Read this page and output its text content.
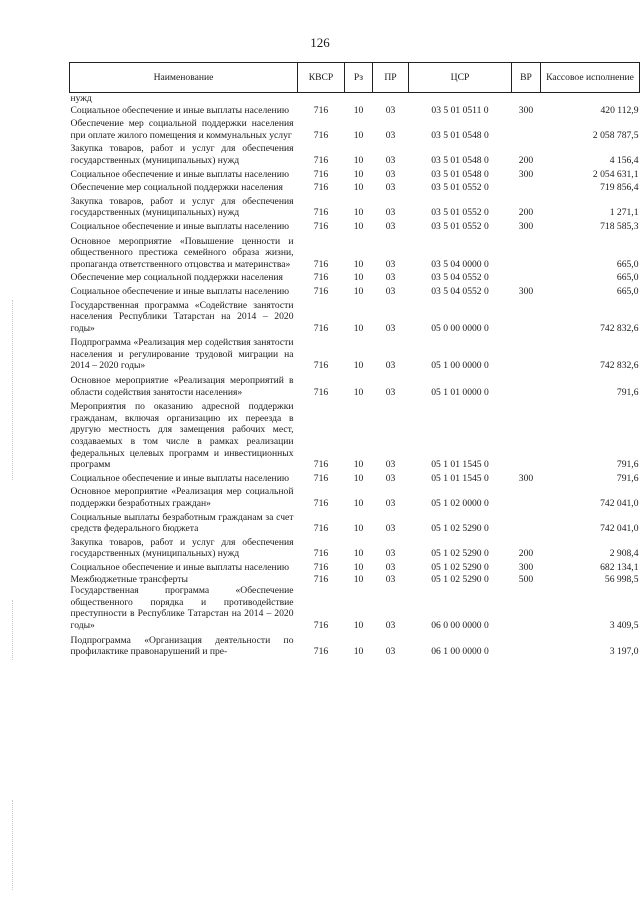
126
Наименование	КВСР	Рз	ПР	ЦСР	ВР	Кассовое исполнение
нужд						
Социальное обеспечение и иные выплаты населению	716	10	03	03 5 01 0511 0	300	420 112,9
Обеспечение мер социальной поддержки населения при оплате жилого помещения и коммунальных услуг	716	10	03	03 5 01 0548 0		2 058 787,5
Закупка товаров, работ и услуг для обеспечения государственных (муниципальных) нужд	716	10	03	03 5 01 0548 0	200	4 156,4
Социальное обеспечение и иные выплаты населению	716	10	03	03 5 01 0548 0	300	2 054 631,1
Обеспечение мер социальной поддержки населения	716	10	03	03 5 01 0552 0		719 856,4
Закупка товаров, работ и услуг для обеспечения государственных (муниципальных) нужд	716	10	03	03 5 01 0552 0	200	1 271,1
Социальное обеспечение и иные выплаты населению	716	10	03	03 5 01 0552 0	300	718 585,3
Основное мероприятие «Повышение ценности и общественного престижа семейного образа жизни, пропаганда ответственного отцовства и материнства»	716	10	03	03 5 04 0000 0		665,0
Обеспечение мер социальной поддержки населения	716	10	03	03 5 04 0552 0		665,0
Социальное обеспечение и иные выплаты населению	716	10	03	03 5 04 0552 0	300	665,0
Государственная программа «Содействие занятости населения Республики Татарстан на 2014 – 2020 годы»	716	10	03	05 0 00 0000 0		742 832,6
Подпрограмма «Реализация мер содействия занятости населения и регулирование трудовой миграции на 2014 – 2020 годы»	716	10	03	05 1 00 0000 0		742 832,6
Основное мероприятие «Реализация мероприятий в области содействия занятости населения»	716	10	03	05 1 01 0000 0		791,6
Мероприятия по оказанию адресной поддержки гражданам, включая организацию их переезда в другую местность для замещения рабочих мест, создаваемых в том числе в рамках реализации федеральных целевых программ и инвестиционных программ	716	10	03	05 1 01 1545 0		791,6
Социальное обеспечение и иные выплаты населению	716	10	03	05 1 01 1545 0	300	791,6
Основное мероприятие «Реализация мер социальной поддержки безработных граждан»	716	10	03	05 1 02 0000 0		742 041,0
Социальные выплаты безработным гражданам за счет средств федерального бюджета	716	10	03	05 1 02 5290 0		742 041,0
Закупка товаров, работ и услуг для обеспечения государственных (муниципальных) нужд	716	10	03	05 1 02 5290 0	200	2 908,4
Социальное обеспечение и иные выплаты населению	716	10	03	05 1 02 5290 0	300	682 134,1
Межбюджетные трансферты	716	10	03	05 1 02 5290 0	500	56 998,5
Государственная программа «Обеспечение общественного порядка и противодействие преступности в Республике Татарстан на 2014 – 2020 годы»	716	10	03	06 0 00 0000 0		3 409,5
Подпрограмма «Организация деятельности по профилактике правонарушений и пре-	716	10	03	06 1 00 0000 0		3 197,0
